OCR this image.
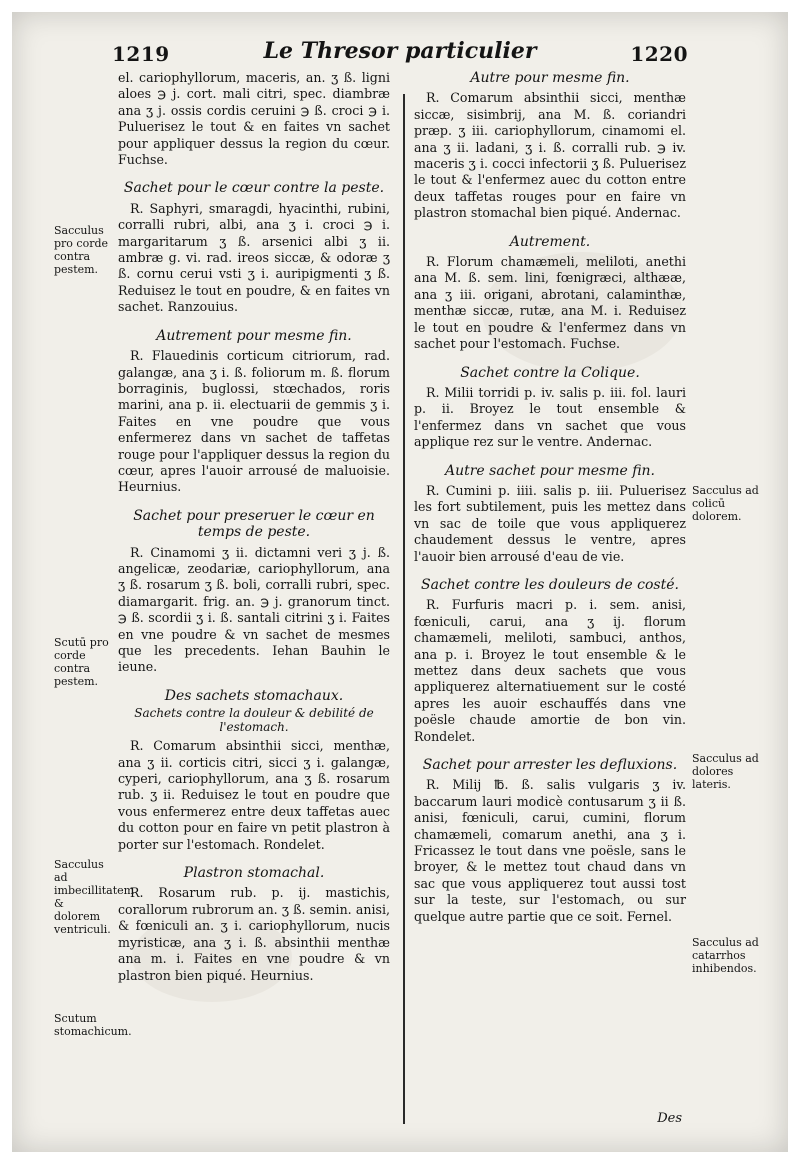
1219	Le Thresor particulier	1220
Sacculus pro corde contra pestem.
Scutū pro corde contra pestem.
Sacculus ad imbecillitatem & dolorem ventriculi.
Scutum stomachicum.
Sacculus ad colicū dolorem.
Sacculus ad dolores lateris.
Sacculus ad catarrhos inhibendos.

el. cariophyllorum, maceris, an. ʒ ß. ligni aloes ℈ j. cort. mali citri, spec. diambræ ana ʒ j. ossis cordis ceruini ℈ ß. croci ℈ i. Puluerisez le tout & en faites vn sachet pour appliquer dessus la region du cœur. Fuchse.

Sachet pour le cœur contre la peste.

R. Saphyri, smaragdi, hyacinthi, rubini, corralli rubri, albi, ana ʒ i. croci ℈ i. margaritarum ʒ ß. arsenici albi ʒ ii. ambræ g. vi. rad. ireos siccæ, & odoræ ʒ ß. cornu cerui vsti ʒ i. auripigmenti ʒ ß. Reduisez le tout en poudre, & en faites vn sachet. Ranzouius.

Autrement pour mesme fin.

R. Flauedinis corticum citriorum, rad. galangæ, ana ʒ i. ß. foliorum m. ß. florum borraginis, buglossi, stœchados, roris marini, ana p. ii. electuarii de gemmis ʒ i. Faites en vne poudre que vous enfermerez dans vn sachet de taffetas rouge pour l'appliquer dessus la region du cœur, apres l'auoir arrousé de maluoisie. Heurnius.

Sachet pour preseruer le cœur en temps de peste.

R. Cinamomi ʒ ii. dictamni veri ʒ j. ß. angelicæ, zeodariæ, cariophyllorum, ana ʒ ß. rosarum ʒ ß. boli, corralli rubri, spec. diamargarit. frig. an. ℈ j. granorum tinct. ℈ ß. scordii ʒ i. ß. santali citrini ʒ i. Faites en vne poudre & vn sachet de mesmes que les precedents. Iehan Bauhin le ieune.

Des sachets stomachaux.
Sachets contre la douleur & debilité de l'estomach.

R. Comarum absinthii sicci, menthæ, ana ʒ ii. corticis citri, sicci ʒ i. galangæ, cyperi, cariophyllorum, ana ʒ ß. rosarum rub. ʒ ii. Reduisez le tout en poudre que vous enfermerez entre deux taffetas auec du cotton pour en faire vn petit plastron à porter sur l'estomach. Rondelet.

Plastron stomachal.

R. Rosarum rub. p. ij. mastichis, corallorum rubrorum an. ʒ ß. semin. anisi, & fœniculi an. ʒ i. cariophyllorum, nucis myristicæ, ana ʒ i. ß. absinthii menthæ ana m. i. Faites en vne poudre & vn plastron bien piqué. Heurnius.

Autre pour mesme fin.

R. Comarum absinthii sicci, menthæ siccæ, sisimbrij, ana M. ß. coriandri præp. ʒ iii. cariophyllorum, cinamomi el. ana ʒ ii. ladani, ʒ i. ß. corralli rub. ℈ iv. maceris ʒ i. cocci infectorii ʒ ß. Puluerisez le tout & l'enfermez auec du cotton entre deux taffetas rouges pour en faire vn plastron stomachal bien piqué. Andernac.

Autrement.

R. Florum chamæmeli, meliloti, anethi ana M. ß. sem. lini, fœnigræci, althææ, ana ʒ iii. origani, abrotani, calaminthæ, menthæ siccæ, rutæ, ana M. i. Reduisez le tout en poudre & l'enfermez dans vn sachet pour l'estomach. Fuchse.

Sachet contre la Colique.

R. Milii torridi p. iv. salis p. iii. fol. lauri p. ii. Broyez le tout ensemble & l'enfermez dans vn sachet que vous applique rez sur le ventre. Andernac.

Autre sachet pour mesme fin.

R. Cumini p. iiii. salis p. iii. Puluerisez les fort subtilement, puis les mettez dans vn sac de toile que vous appliquerez chaudement dessus le ventre, apres l'auoir bien arrousé d'eau de vie.

Sachet contre les douleurs de costé.

R. Furfuris macri p. i. sem. anisi, fœniculi, carui, ana ʒ ij. florum chamæmeli, meliloti, sambuci, anthos, ana p. i. Broyez le tout ensemble & le mettez dans deux sachets que vous appliquerez alternatiuement sur le costé apres les auoir eschauffés dans vne poësle chaude amortie de bon vin. Rondelet.

Sachet pour arrester les defluxions.

R. Milij ℔. ß. salis vulgaris ʒ iv. baccarum lauri modicè contusarum ʒ ii ß. anisi, fœniculi, carui, cumini, florum chamæmeli, comarum anethi, ana ʒ i. Fricassez le tout dans vne poësle, sans le broyer, & le mettez tout chaud dans vn sac que vous appliquerez tout aussi tost sur la teste, sur l'estomach, ou sur quelque autre partie que ce soit. Fernel.

Des
